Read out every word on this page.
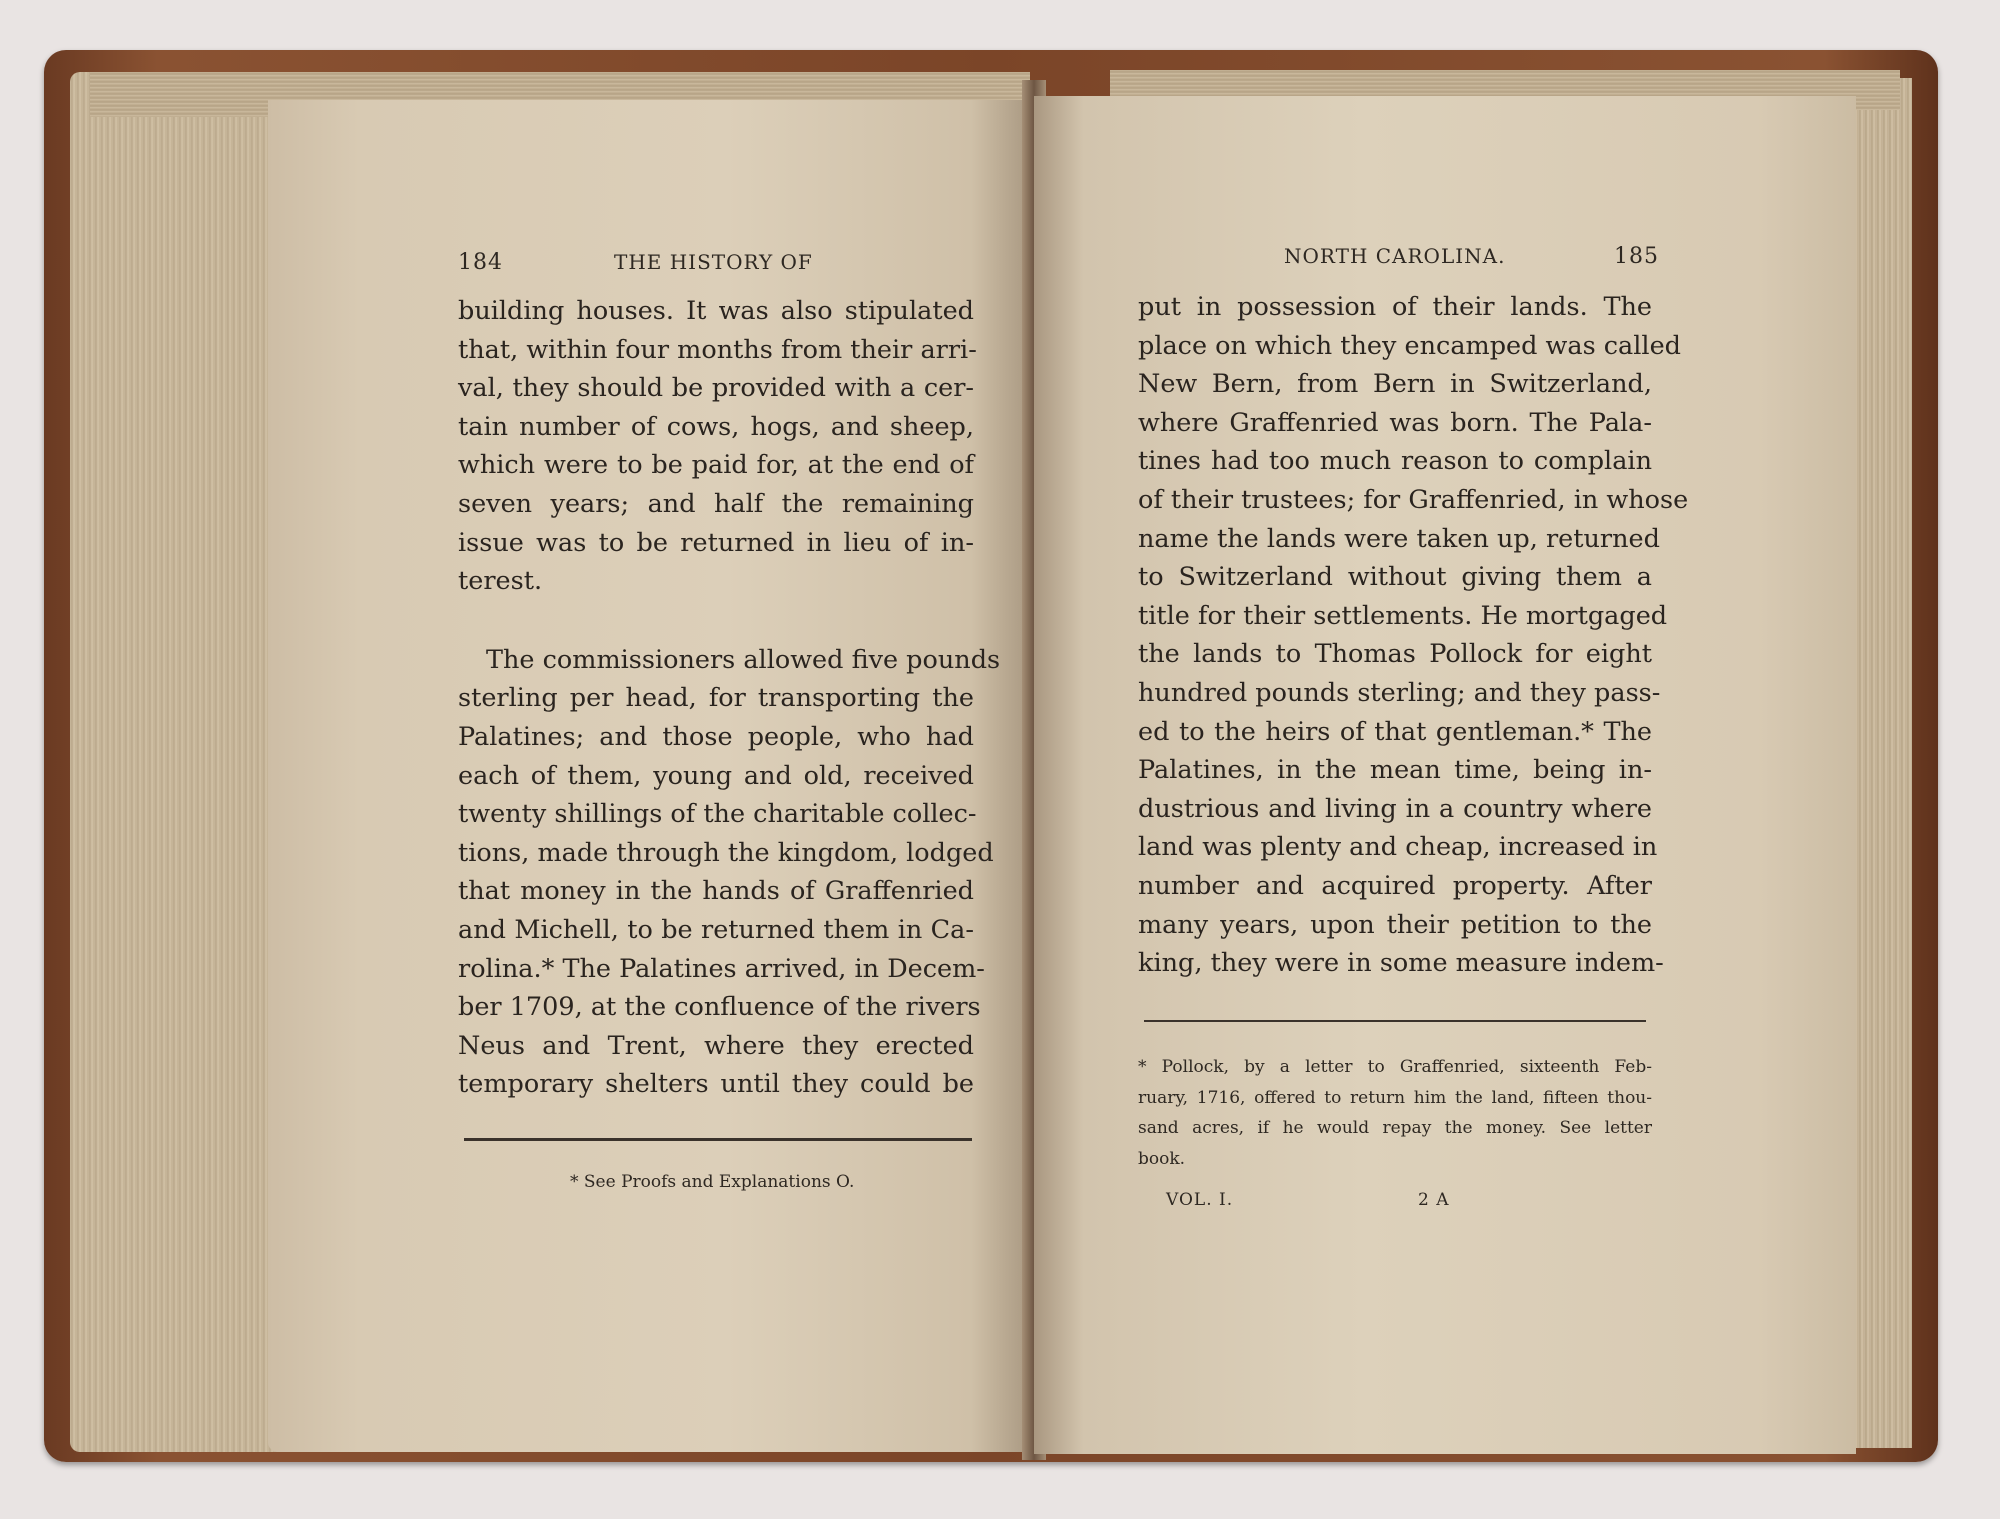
184	THE HISTORY OF
building houses. It was also stipulated
that, within four months from their arri-
val, they should be provided with a cer-
tain number of cows, hogs, and sheep,
which were to be paid for, at the end of
seven years; and half the remaining
issue was to be returned in lieu of in-
terest.
The commissioners allowed five pounds
sterling per head, for transporting the
Palatines; and those people, who had
each of them, young and old, received
twenty shillings of the charitable collec-
tions, made through the kingdom, lodged
that money in the hands of Graffenried
and Michell, to be returned them in Ca-
rolina.* The Palatines arrived, in Decem-
ber 1709, at the confluence of the rivers
Neus and Trent, where they erected
temporary shelters until they could be
* See Proofs and Explanations O.
NORTH CAROLINA.	185
put in possession of their lands. The
place on which they encamped was called
New Bern, from Bern in Switzerland,
where Graffenried was born. The Pala-
tines had too much reason to complain
of their trustees; for Graffenried, in whose
name the lands were taken up, returned
to Switzerland without giving them a
title for their settlements. He mortgaged
the lands to Thomas Pollock for eight
hundred pounds sterling; and they pass-
ed to the heirs of that gentleman.* The
Palatines, in the mean time, being in-
dustrious and living in a country where
land was plenty and cheap, increased in
number and acquired property. After
many years, upon their petition to the
king, they were in some measure indem-
* Pollock, by a letter to Graffenried, sixteenth Feb-
ruary, 1716, offered to return him the land, fifteen thou-
sand acres, if he would repay the money. See letter
book.
VOL. I.	2 A
